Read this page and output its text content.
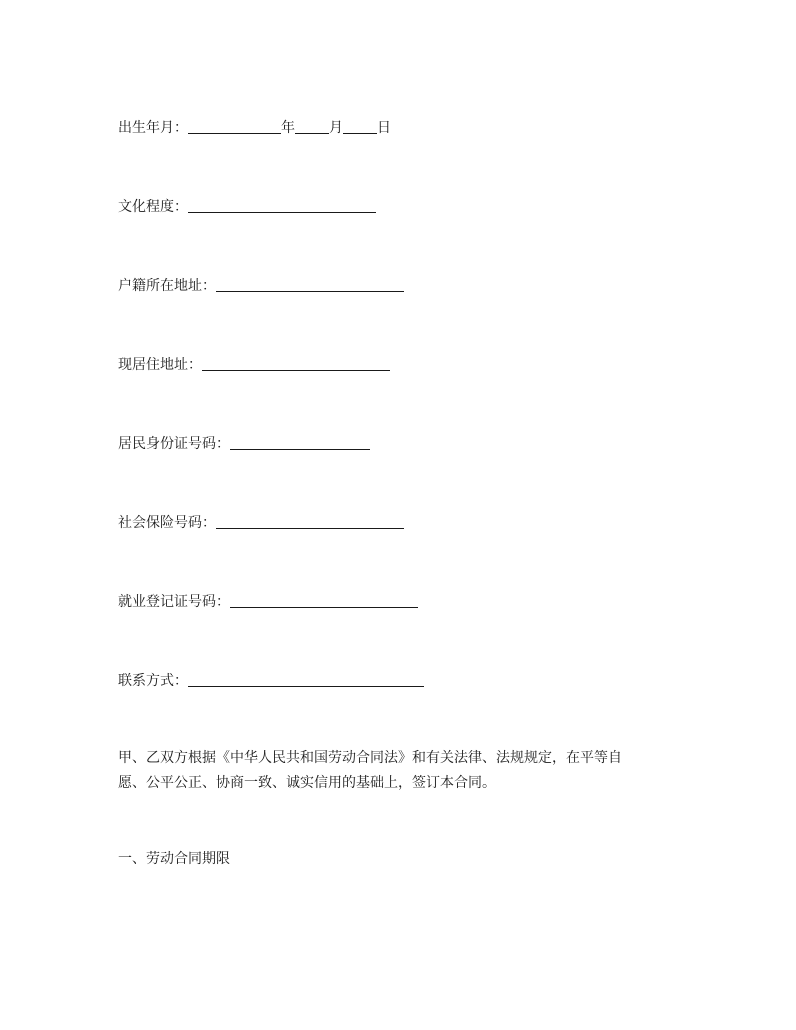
出生年月：	年 月 日
文化程度：
户籍所在地址：
现居住地址：
居民身份证号码：
社会保险号码：
就业登记证号码：
联系方式：
甲、乙双方根据《中华人民共和国劳动合同法》和有关法律、法规规定，在平等自
愿、公平公正、协商一致、诚实信用的基础上，签订本合同。
一、劳动合同期限
